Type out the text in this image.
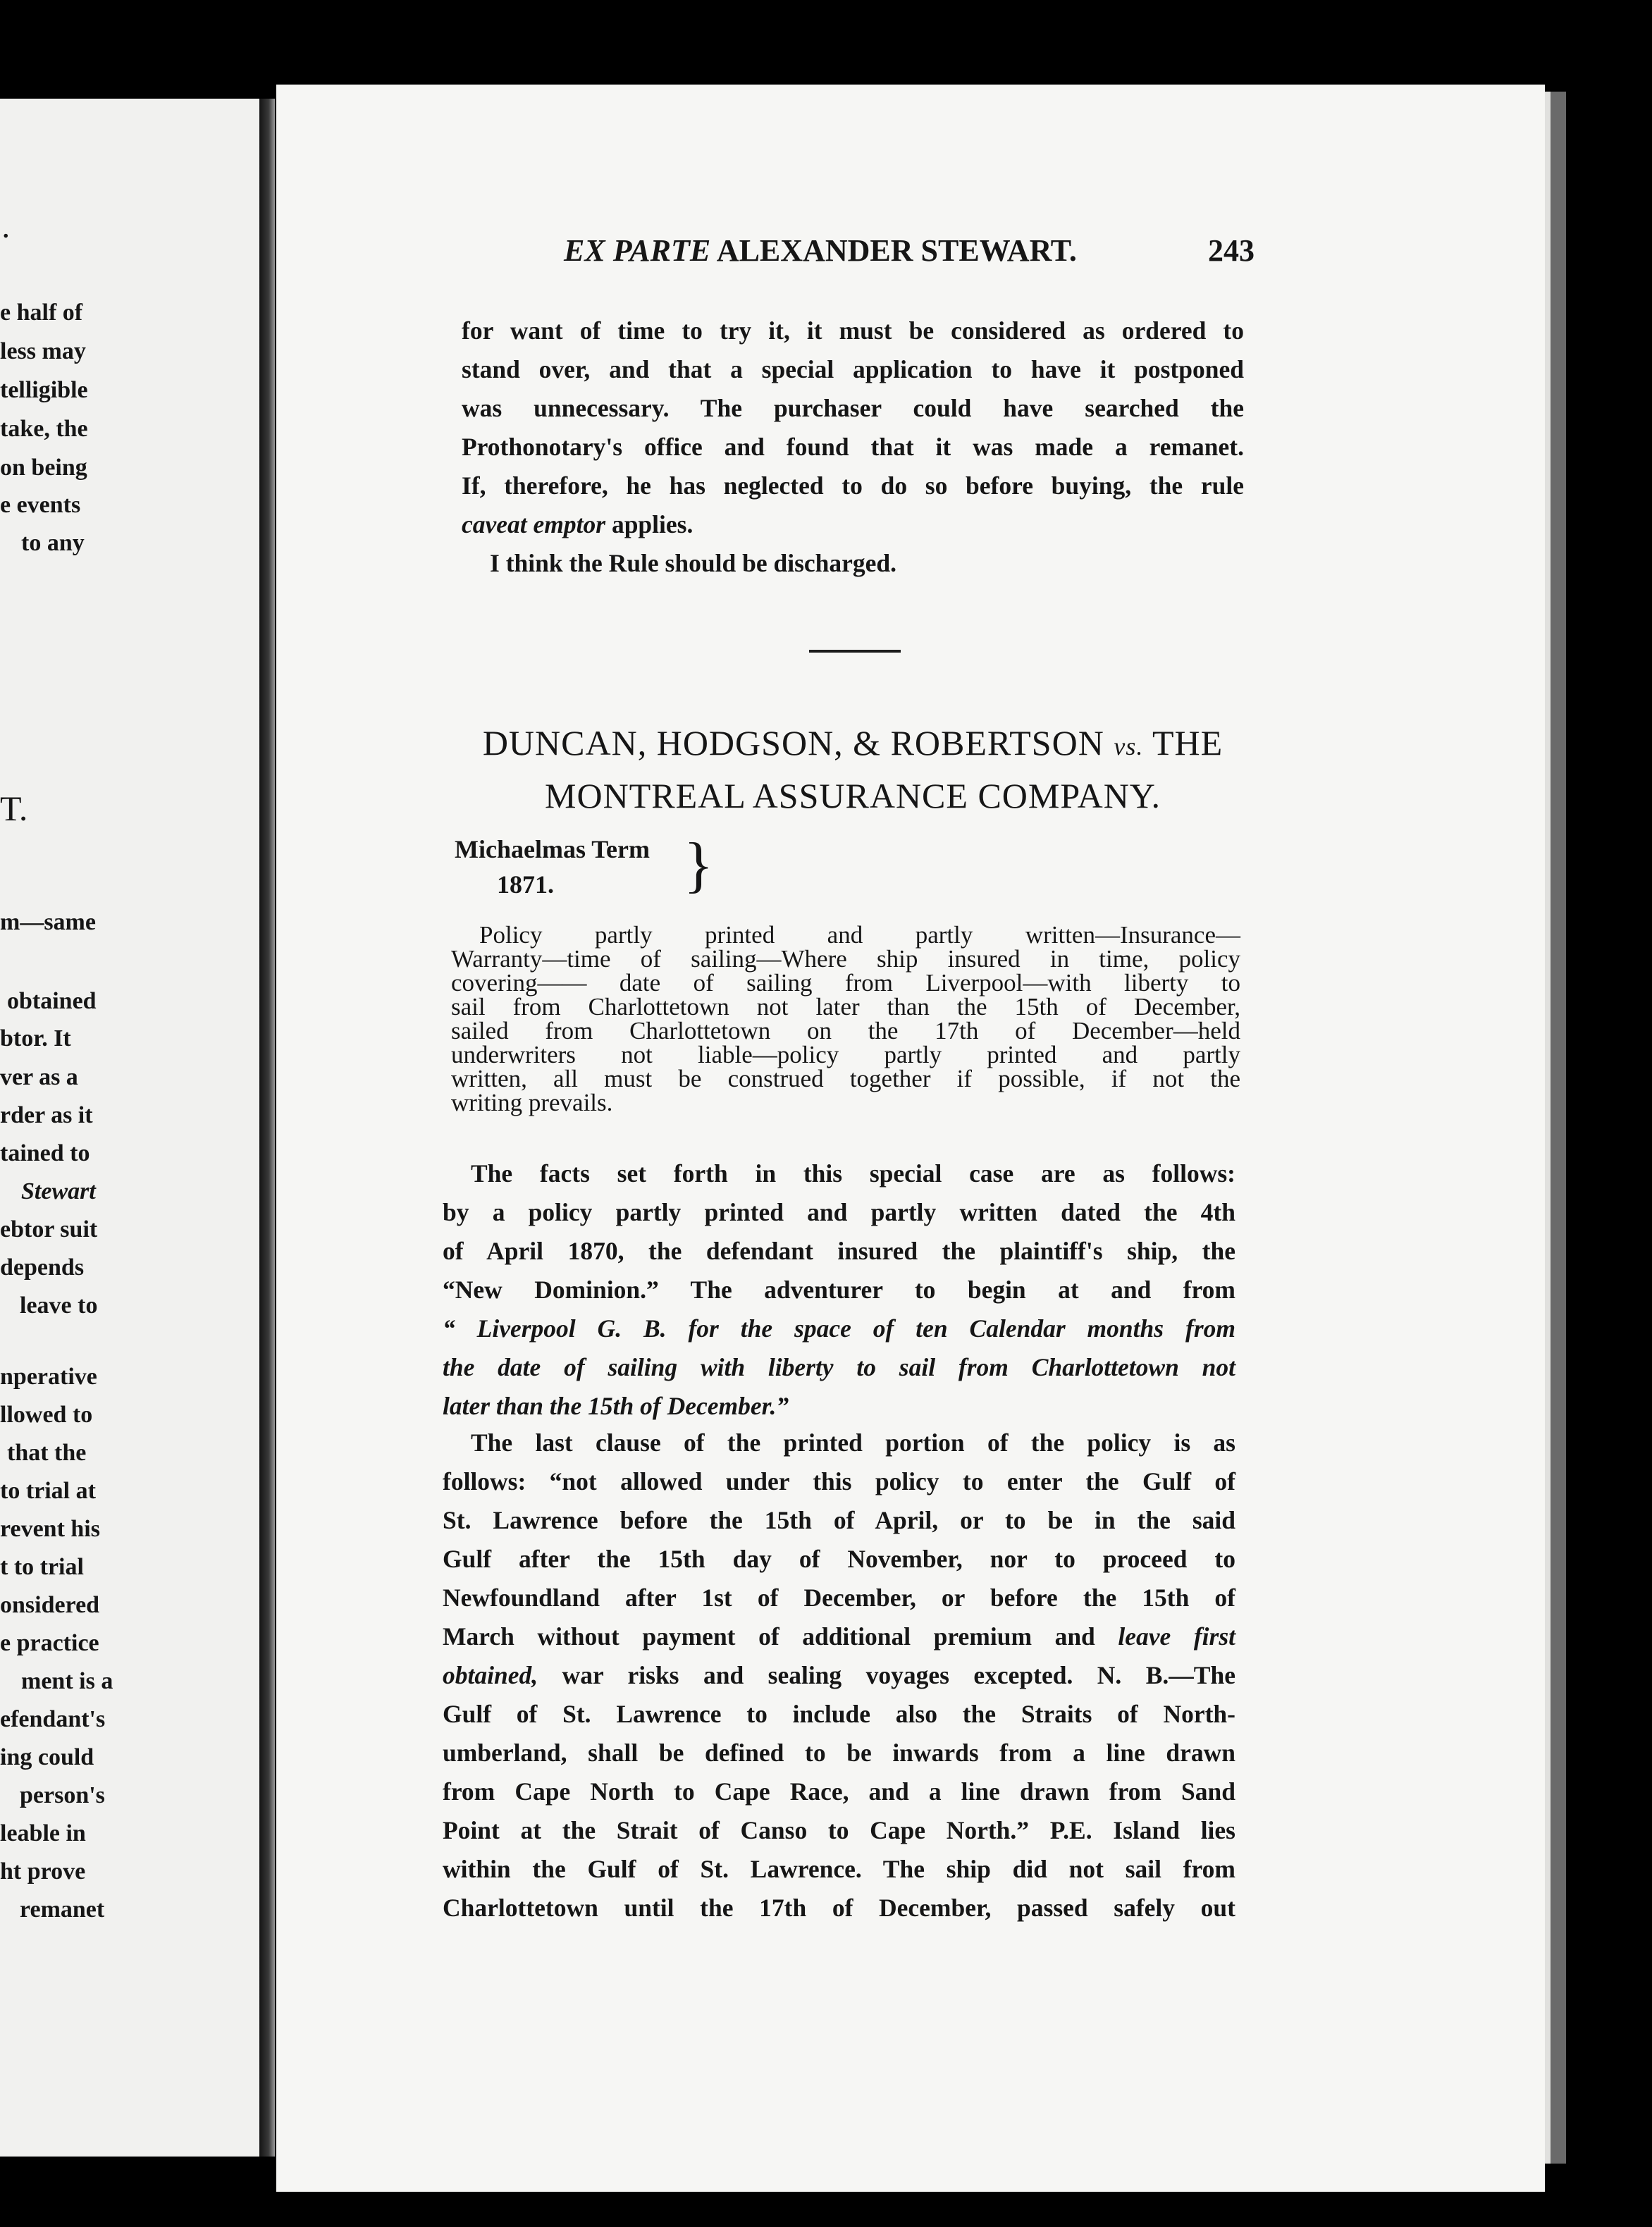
.
e half of
less may
telligible
take, the
on being
e events
to any
T.
m—same
obtained
btor. It
ver as a
rder as it
tained to
Stewart
ebtor suit
depends
leave to
nperative
llowed to
that the
to trial at
revent his
t to trial
onsidered
e practice
ment is a
efendant's
ing could
person's
leable in
ht prove
remanet
EX PARTE ALEXANDER STEWART.	243
for want of time to try it, it must be considered as ordered to
stand over, and that a special application to have it postponed
was unnecessary. The purchaser could have searched the
Prothonotary's office and found that it was made a remanet.
If, therefore, he has neglected to do so before buying, the rule
caveat emptor applies.
I think the Rule should be discharged.
DUNCAN, HODGSON, & ROBERTSON vs. THE
MONTREAL ASSURANCE COMPANY.
Michaelmas Term
1871.	}
Policy partly printed and partly written—Insurance—
Warranty—time of sailing—Where ship insured in time, policy
covering—— date of sailing from Liverpool—with liberty to
sail from Charlottetown not later than the 15th of December,
sailed from Charlottetown on the 17th of December—held
underwriters not liable—policy partly printed and partly
written, all must be construed together if possible, if not the
writing prevails.
The facts set forth in this special case are as follows:
by a policy partly printed and partly written dated the 4th
of April 1870, the defendant insured the plaintiff's ship, the
“New Dominion.” The adventurer to begin at and from
“ Liverpool G. B. for the space of ten Calendar months from
the date of sailing with liberty to sail from Charlottetown not
later than the 15th of December.”
The last clause of the printed portion of the policy is as
follows: “not allowed under this policy to enter the Gulf of
St. Lawrence before the 15th of April, or to be in the said
Gulf after the 15th day of November, nor to proceed to
Newfoundland after 1st of December, or before the 15th of
March without payment of additional premium and leave first
obtained, war risks and sealing voyages excepted. N. B.—The
Gulf of St. Lawrence to include also the Straits of North-
umberland, shall be defined to be inwards from a line drawn
from Cape North to Cape Race, and a line drawn from Sand
Point at the Strait of Canso to Cape North.” P.E. Island lies
within the Gulf of St. Lawrence. The ship did not sail from
Charlottetown until the 17th of December, passed safely out
